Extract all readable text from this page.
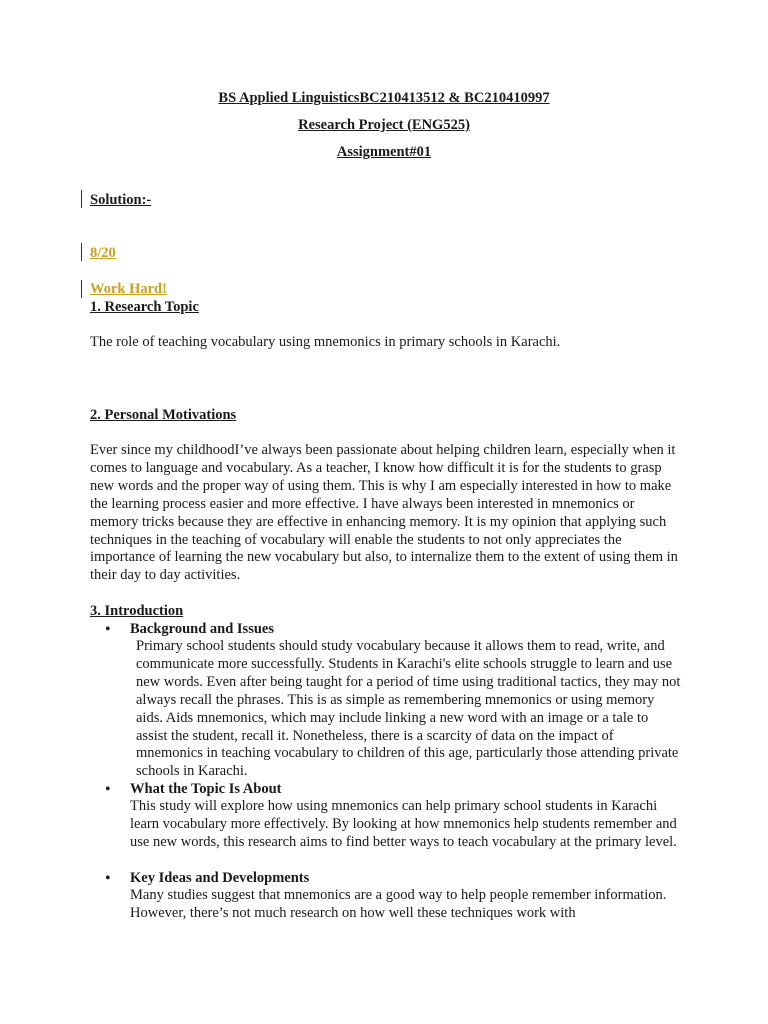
BS Applied LinguisticsBC210413512 & BC210410997
Research Project (ENG525)
Assignment#01
Solution:-
8/20
Work Hard!
1. Research Topic

The role of teaching vocabulary using mnemonics in primary schools in Karachi.

2. Personal Motivations

Ever since my childhoodI’ve always been passionate about helping children learn, especially when it comes to language and vocabulary. As a teacher, I know how difficult it is for the students to grasp new words and the proper way of using them. This is why I am especially interested in how to make the learning process easier and more effective. I have always been interested in mnemonics or memory tricks because they are effective in enhancing memory. It is my opinion that applying such techniques in the teaching of vocabulary will enable the students to not only appreciates the importance of learning the new vocabulary but also, to internalize them to the extent of using them in their day to day activities.

3. Introduction
• Background and Issues

Primary school students should study vocabulary because it allows them to read, write, and communicate more successfully. Students in Karachi's elite schools struggle to learn and use new words. Even after being taught for a period of time using traditional tactics, they may not always recall the phrases. This is as simple as remembering mnemonics or using memory aids. Aids mnemonics, which may include linking a new word with an image or a tale to assist the student, recall it. Nonetheless, there is a scarcity of data on the impact of mnemonics in teaching vocabulary to children of this age, particularly those attending private schools in Karachi.

• What the Topic Is About

This study will explore how using mnemonics can help primary school students in Karachi learn vocabulary more effectively. By looking at how mnemonics help students remember and use new words, this research aims to find better ways to teach vocabulary at the primary level.

• Key Ideas and Developments

Many studies suggest that mnemonics are a good way to help people remember information. However, there’s not much research on how well these techniques work with
